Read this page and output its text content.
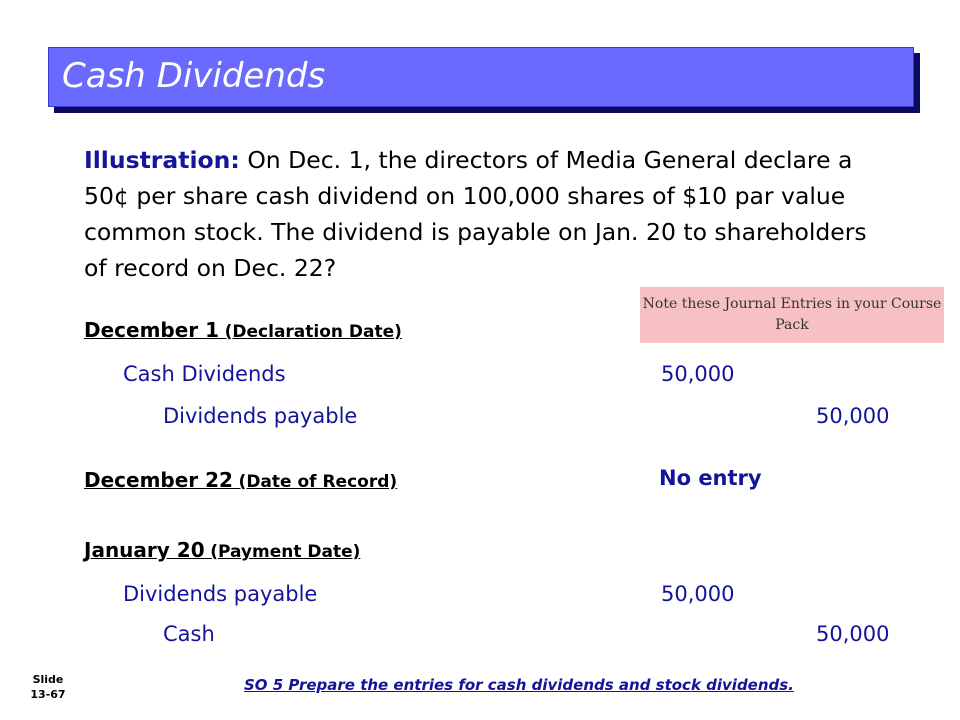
Cash Dividends
Illustration: On Dec. 1, the directors of Media General declare a 50¢ per share cash dividend on 100,000 shares of $10 par value common stock. The dividend is payable on Jan. 20 to shareholders of record on Dec. 22?
Note these Journal Entries in your Course Pack
December 1 (Declaration Date)
Cash Dividends	50,000
Dividends payable	50,000
December 22 (Date of Record)	No entry
January 20 (Payment Date)
Dividends payable	50,000
Cash	50,000
Slide
13-67
SO 5 Prepare the entries for cash dividends and stock dividends.
